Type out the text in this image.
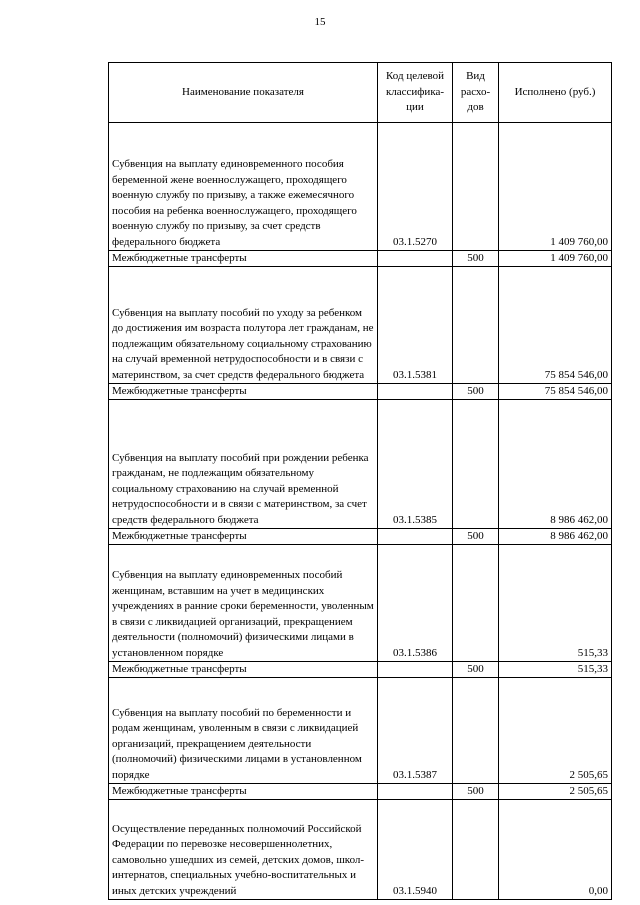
15
Наименование показателя	Код целевой классифика-ции	Вид расхо-дов	Исполнено (руб.)
Субвенция на выплату единовременного пособия беременной жене военнослужащего, проходящего военную службу по призыву, а также ежемесячного пособия на ребенка военнослужащего, проходящего военную службу по призыву, за счет средств федерального бюджета	03.1.5270		1 409 760,00
Межбюджетные трансферты		500	1 409 760,00
Субвенция на выплату пособий по уходу за ребенком до достижения им возраста полутора лет гражданам, не подлежащим обязательному социальному страхованию на случай временной нетрудоспособности и в связи с материнством, за счет средств федерального бюджета	03.1.5381		75 854 546,00
Межбюджетные трансферты		500	75 854 546,00
Субвенция на выплату пособий при рождении ребенка гражданам, не подлежащим обязательному социальному страхованию на случай временной нетрудоспособности и в связи с материнством, за счет средств федерального бюджета	03.1.5385		8 986 462,00
Межбюджетные трансферты		500	8 986 462,00
Субвенция на выплату единовременных пособий женщинам, вставшим на учет в медицинских учреждениях в ранние сроки беременности, уволенным в связи с ликвидацией организаций, прекращением деятельности (полномочий) физическими лицами в установленном порядке	03.1.5386		515,33
Межбюджетные трансферты		500	515,33
Субвенция на выплату пособий по беременности и родам женщинам, уволенным в связи с ликвидацией организаций, прекращением деятельности (полномочий) физическими лицами в установленном порядке	03.1.5387		2 505,65
Межбюджетные трансферты		500	2 505,65
Осуществление переданных полномочий Российской Федерации по перевозке несовершеннолетних, самовольно ушедших из семей, детских домов, школ-интернатов, специальных учебно-воспитательных и иных детских учреждений	03.1.5940		0,00
